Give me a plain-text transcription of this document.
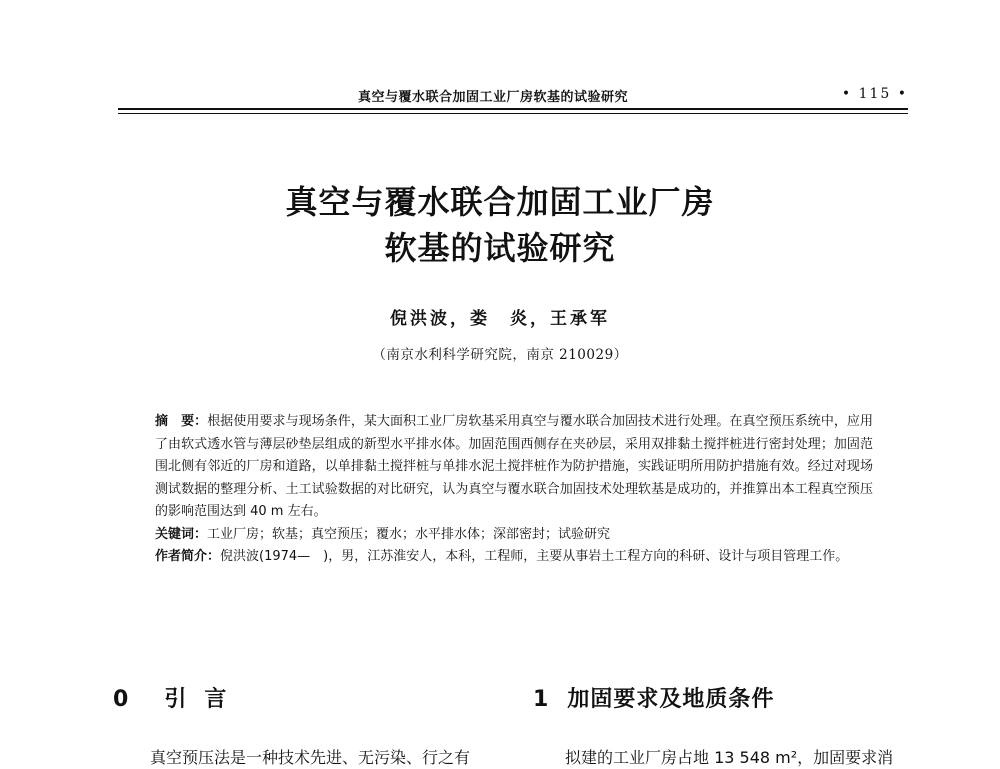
真空与覆水联合加固工业厂房软基的试验研究	• 115 •
真空与覆水联合加固工业厂房
软基的试验研究
倪洪波，娄　炎，王承军
（南京水利科学研究院，南京 210029）

摘　要：根据使用要求与现场条件，某大面积工业厂房软基采用真空与覆水联合加固技术进行处理。在真空预压系统中，应用了由软式透水管与薄层砂垫层组成的新型水平排水体。加固范围西侧存在夹砂层，采用双排黏土搅拌桩进行密封处理；加固范围北侧有邻近的厂房和道路，以单排黏土搅拌桩与单排水泥土搅拌桩作为防护措施，实践证明所用防护措施有效。经过对现场测试数据的整理分析、土工试验数据的对比研究，认为真空与覆水联合加固技术处理软基是成功的，并推算出本工程真空预压的影响范围达到 40 m 左右。

关键词：工业厂房；软基；真空预压；覆水；水平排水体；深部密封；试验研究

作者简介：倪洪波(1974—　)，男，江苏淮安人，本科，工程师，主要从事岩土工程方向的科研、设计与项目管理工作。

0 引言	1 加固要求及地质条件
真空预压法是一种技术先进、无污染、行之有	拟建的工业厂房占地 13 548 m²，加固要求消
